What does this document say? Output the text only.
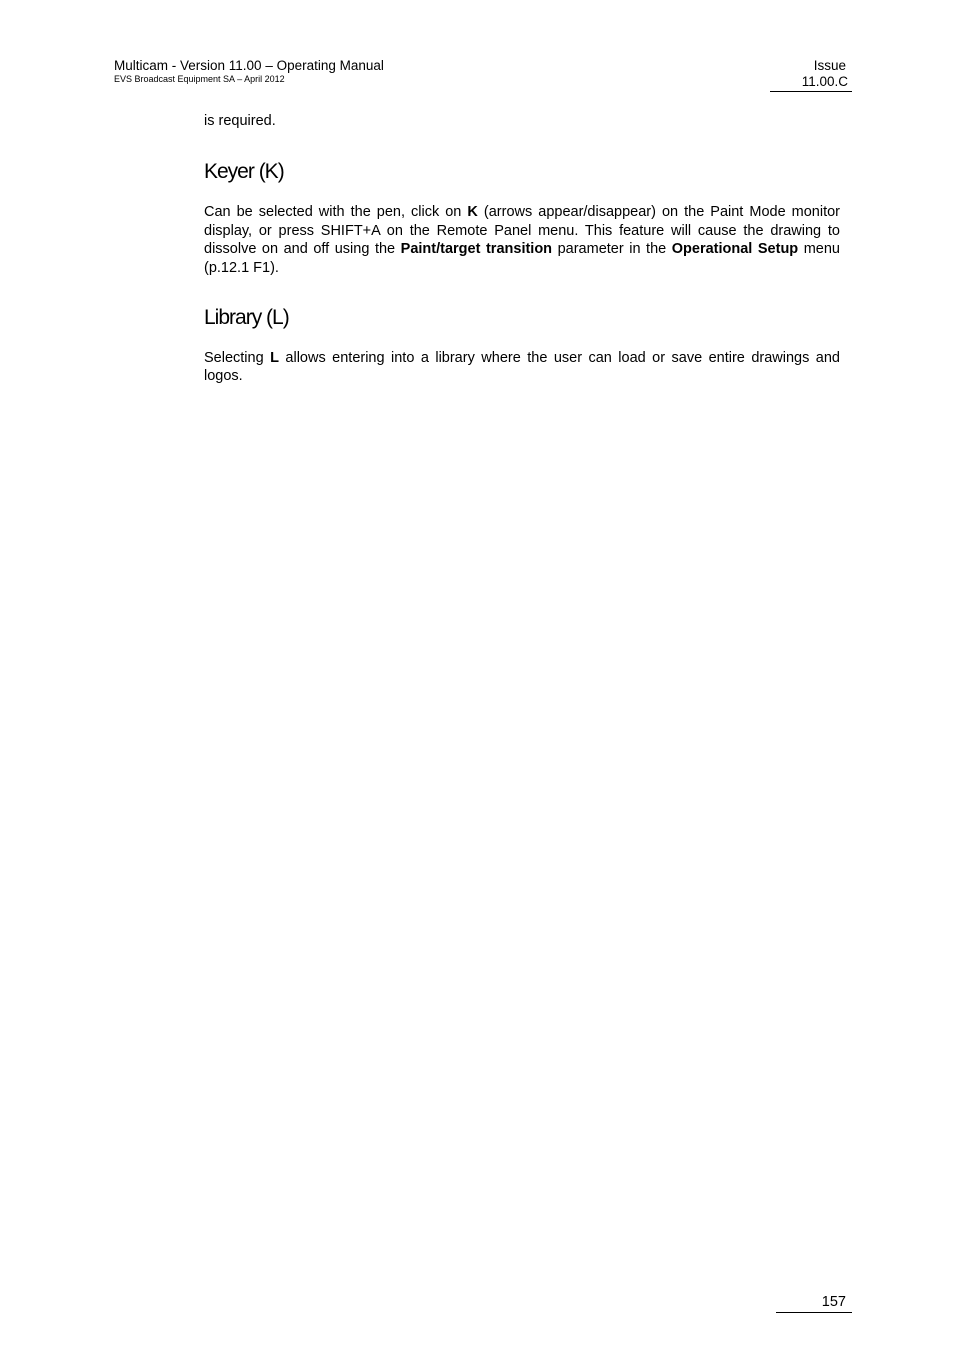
Multicam - Version 11.00 – Operating Manual
EVS Broadcast Equipment SA – April 2012
Issue
11.00.C

is required.

Keyer (K)

Can be selected with the pen, click on K (arrows appear/disappear) on the Paint Mode monitor display, or press SHIFT+A on the Remote Panel menu. This feature will cause the drawing to dissolve on and off using the Paint/target transition parameter in the Operational Setup menu (p.12.1 F1).

Library (L)

Selecting L allows entering into a library where the user can load or save entire drawings and logos.

157
